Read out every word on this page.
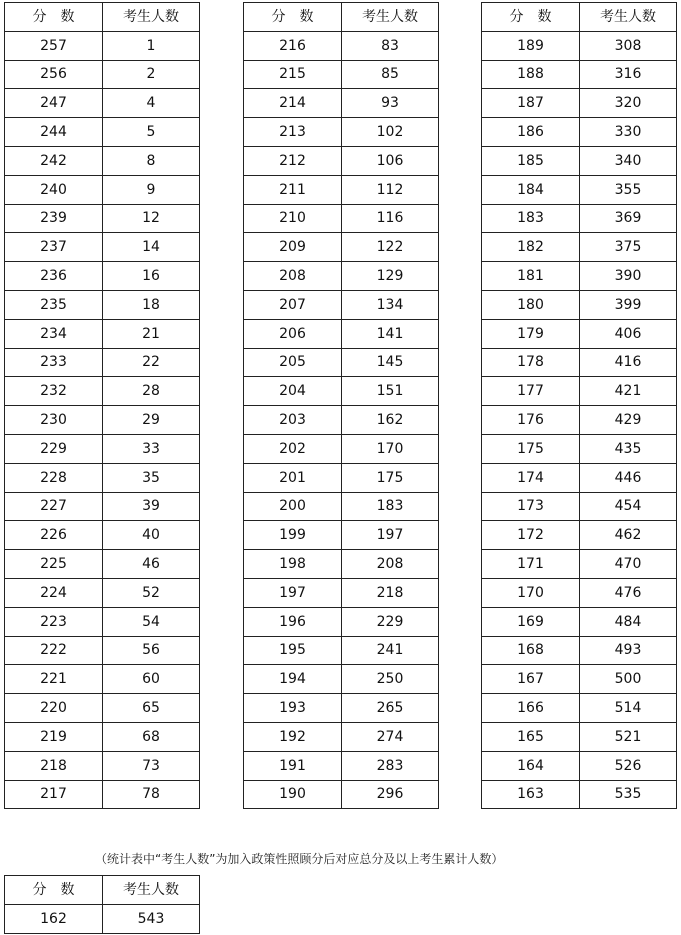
分　数	考生人数
257	1
256	2
247	4
244	5
242	8
240	9
239	12
237	14
236	16
235	18
234	21
233	22
232	28
230	29
229	33
228	35
227	39
226	40
225	46
224	52
223	54
222	56
221	60
220	65
219	68
218	73
217	78
分　数	考生人数
216	83
215	85
214	93
213	102
212	106
211	112
210	116
209	122
208	129
207	134
206	141
205	145
204	151
203	162
202	170
201	175
200	183
199	197
198	208
197	218
196	229
195	241
194	250
193	265
192	274
191	283
190	296
分　数	考生人数
189	308
188	316
187	320
186	330
185	340
184	355
183	369
182	375
181	390
180	399
179	406
178	416
177	421
176	429
175	435
174	446
173	454
172	462
171	470
170	476
169	484
168	493
167	500
166	514
165	521
164	526
163	535
（统计表中“考生人数”为加入政策性照顾分后对应总分及以上考生累计人数）
分　数	考生人数
162	543
